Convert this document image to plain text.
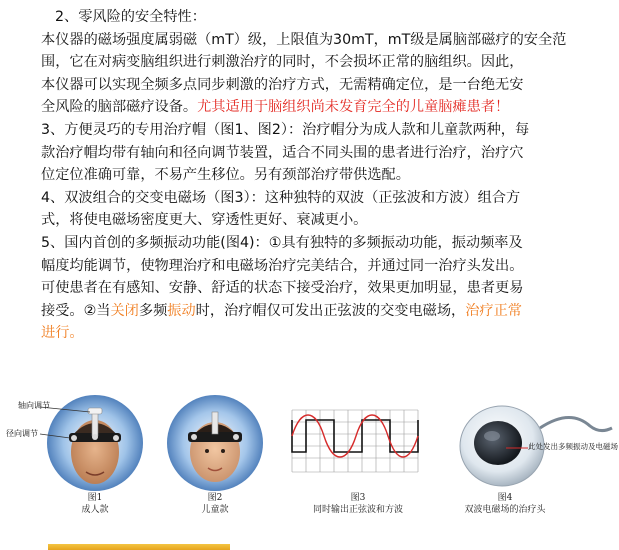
2、零风险的安全特性：
本仪器的磁场强度属弱磁（mT）级，上限值为30mT，mT级是属脑部磁疗的安全范
围，它在对病变脑组织进行刺激治疗的同时，不会损坏正常的脑组织。因此，
本仪器可以实现全频多点同步刺激的治疗方式，无需精确定位，是一台绝无安
全风险的脑部磁疗设备。尤其适用于脑组织尚未发育完全的儿童脑瘫患者！
3、方便灵巧的专用治疗帽（图1、图2）：治疗帽分为成人款和儿童款两种，每
款治疗帽均带有轴向和径向调节装置，适合不同头围的患者进行治疗，治疗穴
位定位准确可靠，不易产生移位。另有颈部治疗带供选配。
4、双波组合的交变电磁场（图3）：这种独特的双波（正弦波和方波）组合方
式，将使电磁场密度更大、穿透性更好、衰减更小。
5、国内首创的多频振动功能(图4)：①具有独特的多频振动功能，振动频率及
幅度均能调节，使物理治疗和电磁场治疗完美结合，并通过同一治疗头发出。
可使患者在有感知、安静、舒适的状态下接受治疗，效果更加明显，患者更易
接受。②当关闭多频振动时，治疗帽仅可发出正弦波的交变电磁场，治疗正常
进行。
轴向调节
径向调节
图1
成人款
图2
儿童款
图3
同时输出正弦波和方波
此处发出多频振动及电磁场
图4
双波电磁场的治疗头
